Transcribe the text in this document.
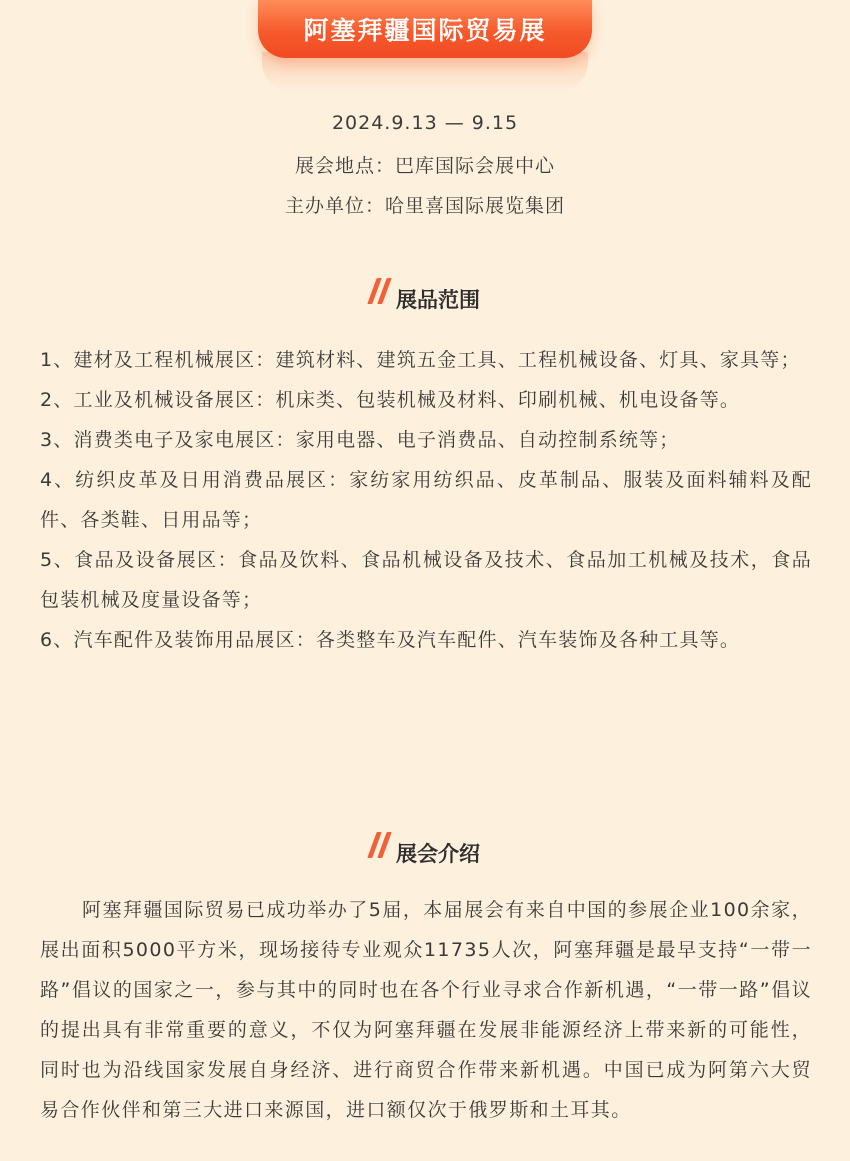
阿塞拜疆国际贸易展
2024.9.13 — 9.15
展会地点：巴库国际会展中心
主办单位：哈里喜国际展览集团
展品范围
1、建材及工程机械展区：建筑材料、建筑五金工具、工程机械设备、灯具、家具等；
2、工业及机械设备展区：机床类、包装机械及材料、印刷机械、机电设备等。
3、消费类电子及家电展区：家用电器、电子消费品、自动控制系统等；
4、纺织皮革及日用消费品展区：家纺家用纺织品、皮革制品、服装及面料辅料及配件、各类鞋、日用品等；
5、食品及设备展区：食品及饮料、食品机械设备及技术、食品加工机械及技术，食品包装机械及度量设备等；
6、汽车配件及装饰用品展区：各类整车及汽车配件、汽车装饰及各种工具等。
展会介绍

阿塞拜疆国际贸易已成功举办了5届，本届展会有来自中国的参展企业100余家，展出面积5000平方米，现场接待专业观众11735人次，阿塞拜疆是最早支持“一带一路”倡议的国家之一，参与其中的同时也在各个行业寻求合作新机遇，“一带一路”倡议的提出具有非常重要的意义，不仅为阿塞拜疆在发展非能源经济上带来新的可能性，同时也为沿线国家发展自身经济、进行商贸合作带来新机遇。中国已成为阿第六大贸易合作伙伴和第三大进口来源国，进口额仅次于俄罗斯和土耳其。
